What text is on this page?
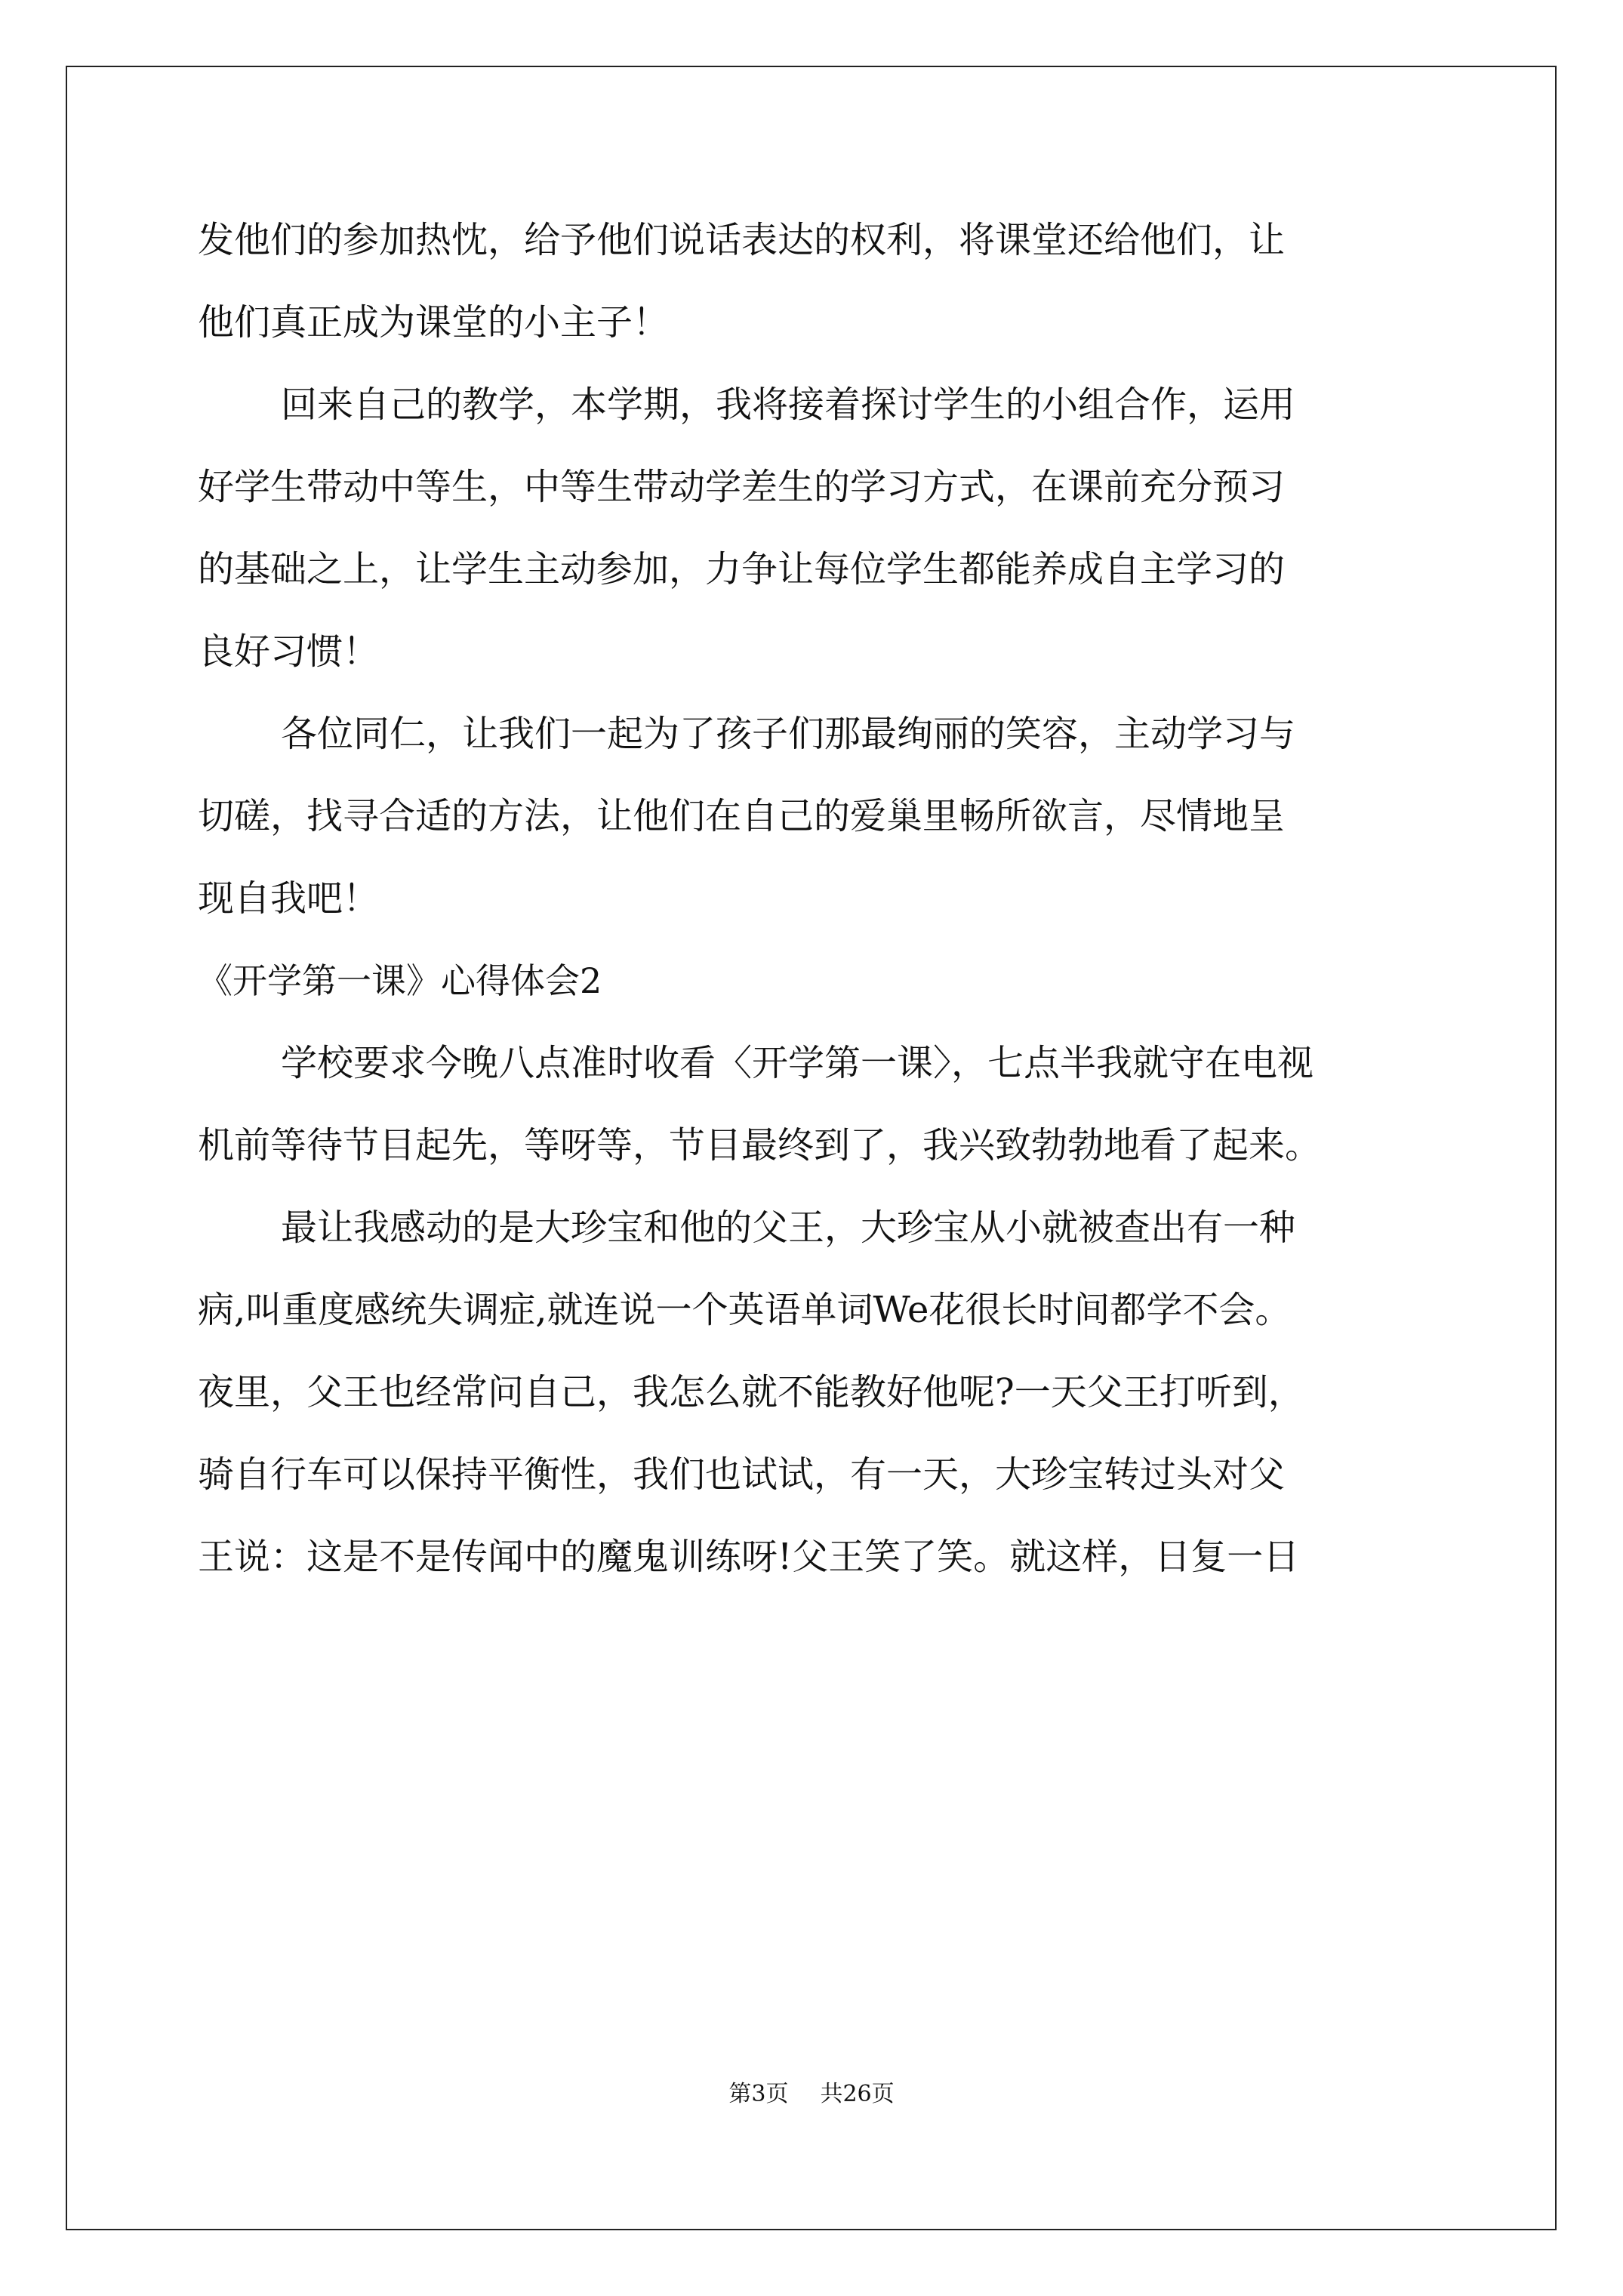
发他们的参加热忱，给予他们说话表达的权利，将课堂还给他们，让
他们真正成为课堂的小主子！
回来自己的教学，本学期，我将接着探讨学生的小组合作，运用
好学生带动中等生，中等生带动学差生的学习方式，在课前充分预习
的基础之上，让学生主动参加，力争让每位学生都能养成自主学习的
良好习惯！
各位同仁，让我们一起为了孩子们那最绚丽的笑容，主动学习与
切磋，找寻合适的方法，让他们在自己的爱巢里畅所欲言，尽情地呈
现自我吧！
《开学第一课》心得体会2
学校要求今晚八点准时收看〈开学第一课〉，七点半我就守在电视
机前等待节目起先，等呀等，节目最终到了，我兴致勃勃地看了起来。
最让我感动的是大珍宝和他的父王，大珍宝从小就被查出有一种
病,叫重度感统失调症,就连说一个英语单词We花很长时间都学不会。
夜里，父王也经常问自己，我怎么就不能教好他呢?一天父王打听到，
骑自行车可以保持平衡性，我们也试试，有一天，大珍宝转过头对父
王说：这是不是传闻中的魔鬼训练呀!父王笑了笑。就这样，日复一日
第3页 共26页
